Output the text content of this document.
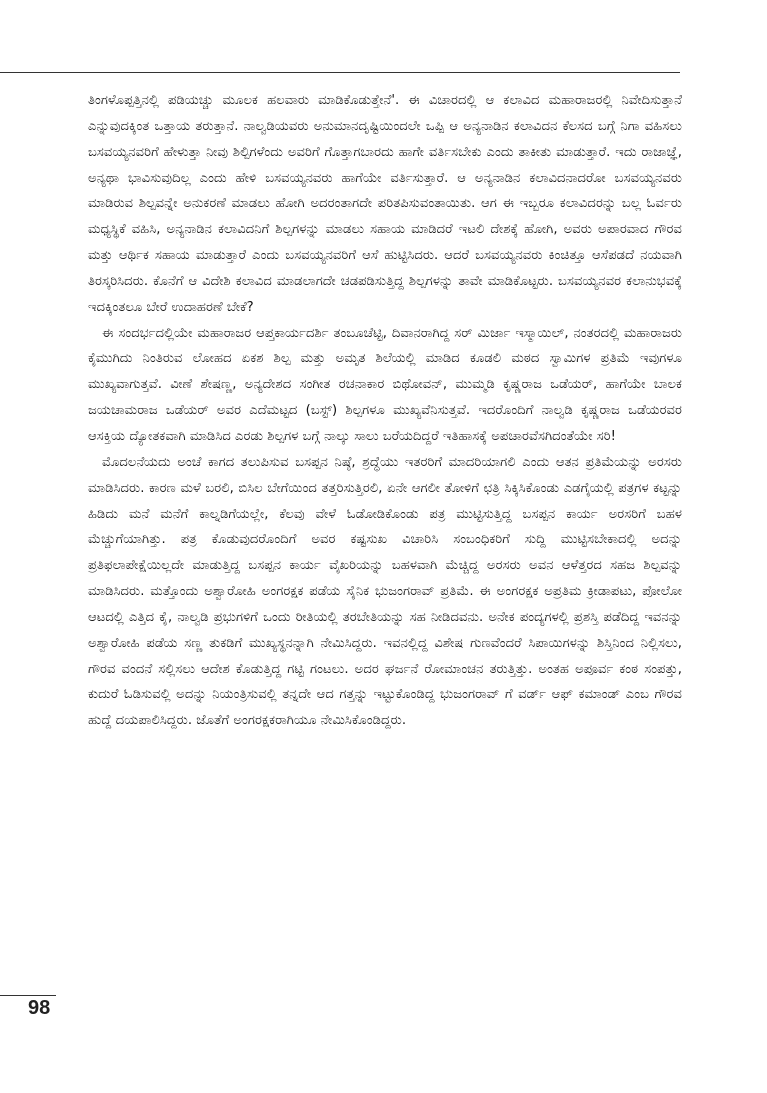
ತಿಂಗಳೊಪ್ಪತ್ತಿನಲ್ಲಿ ಪಡಿಯಚ್ಚು ಮೂಲಕ ಹಲವಾರು ಮಾಡಿಕೊಡುತ್ತೇನೆ'. ಈ ವಿಚಾರದಲ್ಲಿ ಆ ಕಲಾವಿದ ಮಹಾರಾಜರಲ್ಲಿ ನಿವೇದಿಸುತ್ತಾನೆ ಎನ್ನುವುದಕ್ಕಿಂತ ಒತ್ತಾಯ ತರುತ್ತಾನೆ. ನಾಲ್ವಡಿಯವರು ಅನುಮಾನದೃಷ್ಟಿಯಿಂದಲೇ ಒಪ್ಪಿ ಆ ಅನ್ಯನಾಡಿನ ಕಲಾವಿದನ ಕೆಲಸದ ಬಗ್ಗೆ ನಿಗಾ ವಹಿಸಲು ಬಸವಯ್ಯನವರಿಗೆ ಹೇಳುತ್ತಾ ನೀವು ಶಿಲ್ಪಿಗಳೆಂದು ಅವರಿಗೆ ಗೊತ್ತಾಗಬಾರದು ಹಾಗೇ ವರ್ತಿಸಬೇಕು ಎಂದು ತಾಕೀತು ಮಾಡುತ್ತಾರೆ. ಇದು ರಾಜಾಜ್ಞೆ, ಅನ್ಯಥಾ ಭಾವಿಸುವುದಿಲ್ಲ ಎಂದು ಹೇಳಿ ಬಸವಯ್ಯನವರು ಹಾಗೆಯೇ ವರ್ತಿಸುತ್ತಾರೆ. ಆ ಅನ್ಯನಾಡಿನ ಕಲಾವಿದನಾದರೋ ಬಸವಯ್ಯನವರು ಮಾಡಿರುವ ಶಿಲ್ಪವನ್ನೇ ಅನುಕರಣೆ ಮಾಡಲು ಹೋಗಿ ಅದರಂತಾಗದೇ ಪರಿತಪಿಸುವಂತಾಯಿತು. ಆಗ ಈ ಇಬ್ಬರೂ ಕಲಾವಿದರನ್ನು ಬಲ್ಲ ಓರ್ವರು ಮಧ್ಯಸ್ಥಿಕೆ ವಹಿಸಿ, ಅನ್ಯನಾಡಿನ ಕಲಾವಿದನಿಗೆ ಶಿಲ್ಪಗಳನ್ನು ಮಾಡಲು ಸಹಾಯ ಮಾಡಿದರೆ ಇಟಲಿ ದೇಶಕ್ಕೆ ಹೋಗಿ, ಅವರು ಅಪಾರವಾದ ಗೌರವ ಮತ್ತು ಆರ್ಥಿಕ ಸಹಾಯ ಮಾಡುತ್ತಾರೆ ಎಂದು ಬಸವಯ್ಯನವರಿಗೆ ಆಸೆ ಹುಟ್ಟಿಸಿದರು. ಆದರೆ ಬಸವಯ್ಯನವರು ಕಿಂಚಿತ್ತೂ ಆಸೆಪಡದೆ ನಯವಾಗಿ ತಿರಸ್ಕರಿಸಿದರು. ಕೊನೆಗೆ ಆ ವಿದೇಶಿ ಕಲಾವಿದ ಮಾಡಲಾಗದೇ ಚಡಪಡಿಸುತ್ತಿದ್ದ ಶಿಲ್ಪಗಳನ್ನು ತಾವೇ ಮಾಡಿಕೊಟ್ಟರು. ಬಸವಯ್ಯನವರ ಕಲಾನುಭವಕ್ಕೆ ಇದಕ್ಕಿಂತಲೂ ಬೇರೆ ಉದಾಹರಣೆ ಬೇಕೆ?

ಈ ಸಂದರ್ಭದಲ್ಲಿಯೇ ಮಹಾರಾಜರ ಆಪ್ತಕಾರ್ಯದರ್ಶಿ ತಂಬೂಚೆಟ್ಟಿ, ದಿವಾನರಾಗಿದ್ದ ಸರ್ ಮಿರ್ಜಾ ಇಸ್ಮಾಯಿಲ್, ನಂತರದಲ್ಲಿ ಮಹಾರಾಜರು ಕೈಮುಗಿದು ನಿಂತಿರುವ ಲೋಹದ ಏಕಶ ಶಿಲ್ಪ ಮತ್ತು ಅಮೃತ ಶಿಲೆಯಲ್ಲಿ ಮಾಡಿದ ಕೂಡಲಿ ಮಠದ ಸ್ವಾಮಿಗಳ ಪ್ರತಿಮೆ ಇವುಗಳೂ ಮುಖ್ಯವಾಗುತ್ತವೆ. ವೀಣೆ ಶೇಷಣ್ಣ, ಅನ್ಯದೇಶದ ಸಂಗೀತ ರಚನಾಕಾರ ಬಿಥೋವನ್, ಮುಮ್ಮಡಿ ಕೃಷ್ಣರಾಜ ಒಡೆಯರ್, ಹಾಗೆಯೇ ಬಾಲಕ ಜಯಚಾಮರಾಜ ಒಡೆಯರ್ ಅವರ ಎದೆಮಟ್ಟದ (ಬಸ್ಟ್) ಶಿಲ್ಪಗಳೂ ಮುಖ್ಯವೆನಿಸುತ್ತವೆ. ಇದರೊಂದಿಗೆ ನಾಲ್ವಡಿ ಕೃಷ್ಣರಾಜ ಒಡೆಯರವರ ಆಸಕ್ತಿಯ ದ್ಯೋತಕವಾಗಿ ಮಾಡಿಸಿದ ಎರಡು ಶಿಲ್ಪಗಳ ಬಗ್ಗೆ ನಾಲ್ಕು ಸಾಲು ಬರೆಯದಿದ್ದರೆ ಇತಿಹಾಸಕ್ಕೆ ಅಪಚಾರವೆಸಗಿದಂತೆಯೇ ಸರಿ!

ಮೊದಲನೆಯದು ಅಂಚೆ ಕಾಗದ ತಲುಪಿಸುವ ಬಸಪ್ಪನ ನಿಷ್ಠೆ, ಶ್ರದ್ಧೆಯು ಇತರರಿಗೆ ಮಾದರಿಯಾಗಲಿ ಎಂದು ಆತನ ಪ್ರತಿಮೆಯನ್ನು ಅರಸರು ಮಾಡಿಸಿದರು. ಕಾರಣ ಮಳೆ ಬರಲಿ, ಬಿಸಿಲ ಬೇಗೆಯಿಂದ ತತ್ತರಿಸುತ್ತಿರಲಿ, ಏನೇ ಆಗಲೀ ತೋಳಿಗೆ ಛತ್ರಿ ಸಿಕ್ಕಿಸಿಕೊಂಡು ಎಡಗೈಯಲ್ಲಿ ಪತ್ರಗಳ ಕಟ್ಟನ್ನು ಹಿಡಿದು ಮನೆ ಮನೆಗೆ ಕಾಲ್ನಡಿಗೆಯಲ್ಲೇ, ಕೆಲವು ವೇಳೆ ಓಡೋಡಿಕೊಂಡು ಪತ್ರ ಮುಟ್ಟಿಸುತ್ತಿದ್ದ ಬಸಪ್ಪನ ಕಾರ್ಯ ಅರಸರಿಗೆ ಬಹಳ ಮೆಚ್ಚುಗೆಯಾಗಿತ್ತು. ಪತ್ರ ಕೊಡುವುದರೊಂದಿಗೆ ಅವರ ಕಷ್ಟಸುಖ ವಿಚಾರಿಸಿ ಸಂಬಂಧಿಕರಿಗೆ ಸುದ್ದಿ ಮುಟ್ಟಿಸಬೇಕಾದಲ್ಲಿ ಅದನ್ನು ಪ್ರತಿಫಲಾಪೇಕ್ಷೆಯಿಲ್ಲದೇ ಮಾಡುತ್ತಿದ್ದ ಬಸಪ್ಪನ ಕಾರ್ಯ ವೈಖರಿಯನ್ನು ಬಹಳವಾಗಿ ಮೆಚ್ಚಿದ್ದ ಅರಸರು ಅವನ ಆಳೆತ್ತರದ ಸಹಜ ಶಿಲ್ಪವನ್ನು ಮಾಡಿಸಿದರು. ಮತ್ತೊಂದು ಅಶ್ವಾರೋಹಿ ಅಂಗರಕ್ಷಕ ಪಡೆಯ ಸೈನಿಕ ಭುಜಂಗರಾವ್ ಪ್ರತಿಮೆ. ಈ ಅಂಗರಕ್ಷಕ ಅಪ್ರತಿಮ ಕ್ರೀಡಾಪಟು, ಪೋಲೋ ಆಟದಲ್ಲಿ ಎತ್ತಿದ ಕೈ, ನಾಲ್ವಡಿ ಪ್ರಭುಗಳಿಗೆ ಒಂದು ರೀತಿಯಲ್ಲಿ ತರಬೇತಿಯನ್ನು ಸಹ ನೀಡಿದವನು. ಅನೇಕ ಪಂದ್ಯಗಳಲ್ಲಿ ಪ್ರಶಸ್ತಿ ಪಡೆದಿದ್ದ ಇವನನ್ನು ಅಶ್ವಾರೋಹಿ ಪಡೆಯ ಸಣ್ಣ ತುಕಡಿಗೆ ಮುಖ್ಯಸ್ಥನನ್ನಾಗಿ ನೇಮಿಸಿದ್ದರು. ಇವನಲ್ಲಿದ್ದ ವಿಶೇಷ ಗುಣವೆಂದರೆ ಸಿಪಾಯಿಗಳನ್ನು ಶಿಸ್ತಿನಿಂದ ನಿಲ್ಲಿಸಲು, ಗೌರವ ವಂದನೆ ಸಲ್ಲಿಸಲು ಆದೇಶ ಕೊಡುತ್ತಿದ್ದ ಗಟ್ಟಿ ಗಂಟಲು. ಅದರ ಘರ್ಜನೆ ರೋಮಾಂಚನ ತರುತ್ತಿತ್ತು. ಅಂತಹ ಅಪೂರ್ವ ಕಂಠ ಸಂಪತ್ತು, ಕುದುರೆ ಓಡಿಸುವಲ್ಲಿ ಅದನ್ನು ನಿಯಂತ್ರಿಸುವಲ್ಲಿ ತನ್ನದೇ ಆದ ಗತ್ತನ್ನು ಇಟ್ಟುಕೊಂಡಿದ್ದ ಭುಜಂಗರಾವ್ ಗೆ ವರ್ಡ್ ಆಫ್ ಕಮಾಂಡ್ ಎಂಬ ಗೌರವ ಹುದ್ದೆ ದಯಪಾಲಿಸಿದ್ದರು. ಜೊತೆಗೆ ಅಂಗರಕ್ಷಕರಾಗಿಯೂ ನೇಮಿಸಿಕೊಂಡಿದ್ದರು.

98
